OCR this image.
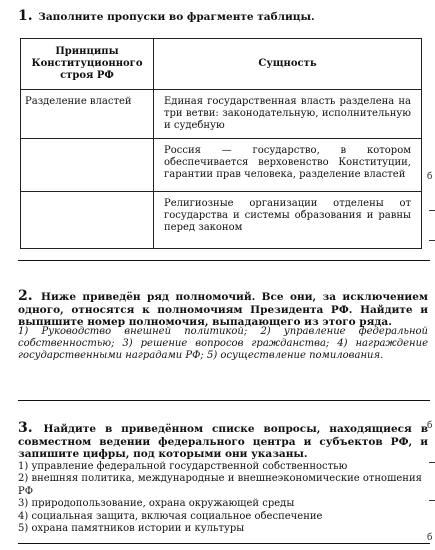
1. Заполните пропуски во фрагменте таблицы.
Принципы Конституционного строя РФ	Сущность
Разделение властей	Единая государственная власть разделена на три ветви: законодательную, исполнительную и судебную
	Россия — государство, в котором обеспечивается верховенство Конституции, гарантии прав человека, разделение властей
	Религиозные организации отделены от государства и системы образования и равны перед законом
2. Ниже приведён ряд полномочий. Все они, за исключением одного, относятся к полномочиям Президента РФ. Найдите и выпишите номер полномочия, выпадающего из этого ряда.
1) Руководство внешней политикой; 2) управление федеральной собственностью; 3) решение вопросов гражданства; 4) награждение государственными наградами РФ; 5) осуществление помилования.
3. Найдите в приведённом списке вопросы, находящиеся в совместном ведении федерального центра и субъектов РФ, и запишите цифры, под которыми они указаны.
1) управление федеральной государственной собственностью
2) внешняя политика, международные и внешнеэкономические отношения РФ
3) природопользование, охрана окружающей среды
4) социальная защита, включая социальное обеспечение
5) охрана памятников истории и культуры
б
б
б
